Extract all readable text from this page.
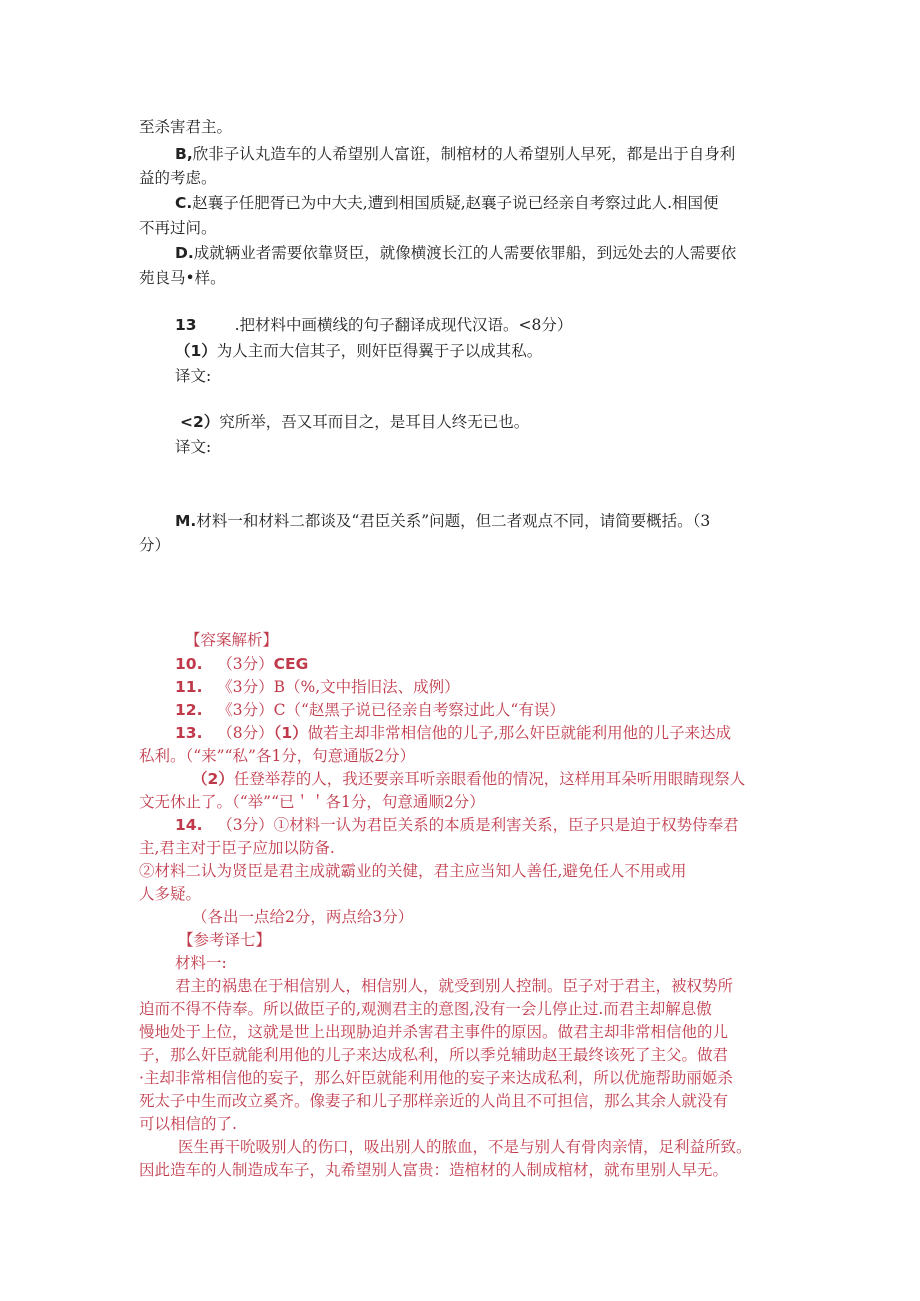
至杀害君主。
B,欣非子认丸造车的人希望别人富诳，制棺材的人希望别人早死，都是出于自身利
益的考虑。
C.赵襄子任肥胥已为中大夫,遭到相国质疑,赵襄子说已经亲自考察过此人.相国便
不再过问。
D.成就辆业者需要依靠贤臣，就像横渡长江的人需要依罪船，到远处去的人需要依
苑良马•样。
13 .把材料中画横线的句子翻译成现代汉语。<8分）
（1）为人主而大信其子，则奸臣得翼于子以成其私。
译文:
<2）究所举，吾又耳而目之，是耳目人终无已也。
译文:
M.材料一和材料二都谈及“君臣关系”问题，但二者观点不同，请简要概括。（3
分）
【容案解析】
10. （3分）CEG
11. 《3分）B（%,文中指旧法、成例）
12. 《3分）C（“赵黑子说已径亲自考察过此人“有误）
13. （8分）（1）做若主却非常相信他的儿子,那么奸臣就能利用他的儿子来达成
私利。（“来”“私”各1分，句意通版2分）
（2）任登举荐的人，我还要亲耳听亲眼看他的情况，这样用耳朵听用眼睛现祭人
文无休止了。（“举”“已＇＇各1分，句意通顺2分）
14. （3分）①材料一认为君臣关系的本质是利害关系，臣子只是迫于权势侍奉君
主,君主对于臣子应加以防备.
②材料二认为贤臣是君主成就霸业的关健，君主应当知人善任,避免任人不用或用
人多疑。
（各出一点给2分，两点给3分）
【参考译七】
材料一:
君主的祸患在于相信别人，相信别人，就受到别人控制。臣子对于君主，被权势所
迫而不得不侍奉。所以做臣子的,观测君主的意图,没有一会儿停止过.而君主却解息傲
慢地处于上位，这就是世上出现胁迫并杀害君主事件的原因。做君主却非常相信他的儿
子，那么奸臣就能利用他的儿子来达成私利，所以季兑辅助赵王最终该死了主父。做君
·主却非常相信他的妄子，那么奸臣就能利用他的妄子来达成私利，所以优施帮助丽姬杀
死太子中生而改立奚齐。像妻子和儿子那样亲近的人尚且不可担信，那么其余人就没有
可以相信的了.
医生再干吮吸别人的伤口，吸出别人的脓血，不是与别人有骨肉亲情，足利益所致。
因此造车的人制造成车子，丸希望别人富贵：造棺材的人制成棺材，就布里别人早无。
